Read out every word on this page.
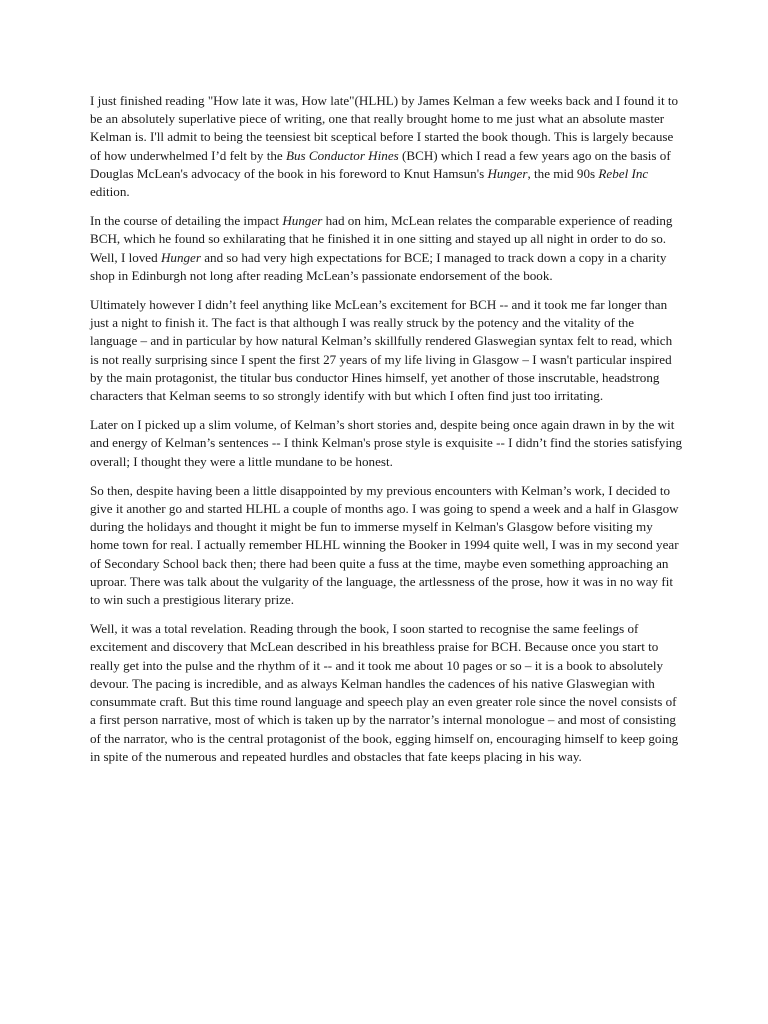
I just finished reading "How late it was, How late"(HLHL) by James Kelman a few weeks back and I found it to be an absolutely superlative piece of writing, one that really brought home to me just what an absolute master Kelman is. I'll admit to being the teensiest bit sceptical before I started the book though. This is largely because of how underwhelmed I’d felt by the Bus Conductor Hines (BCH) which I read a few years ago on the basis of Douglas McLean's advocacy of the book in his foreword to Knut Hamsun's Hunger, the mid 90s Rebel Inc edition.

In the course of detailing the impact Hunger had on him, McLean relates the comparable experience of reading BCH, which he found so exhilarating that he finished it in one sitting and stayed up all night in order to do so. Well, I loved Hunger and so had very high expectations for BCE; I managed to track down a copy in a charity shop in Edinburgh not long after reading McLean’s passionate endorsement of the book.

Ultimately however I didn’t feel anything like McLean’s excitement for BCH -- and it took me far longer than just a night to finish it. The fact is that although I was really struck by the potency and the vitality of the language – and in particular by how natural Kelman’s skillfully rendered Glaswegian syntax felt to read, which is not really surprising since I spent the first 27 years of my life living in Glasgow – I wasn't particular inspired by the main protagonist, the titular bus conductor Hines himself, yet another of those inscrutable, headstrong characters that Kelman seems to so strongly identify with but which I often find just too irritating.

Later on I picked up a slim volume, of Kelman’s short stories and, despite being once again drawn in by the wit and energy of Kelman’s sentences -- I think Kelman's prose style is exquisite -- I didn’t find the stories satisfying overall; I thought they were a little mundane to be honest.

So then, despite having been a little disappointed by my previous encounters with Kelman’s work, I decided to give it another go and started HLHL a couple of months ago. I was going to spend a week and a half in Glasgow during the holidays and thought it might be fun to immerse myself in Kelman's Glasgow before visiting my home town for real. I actually remember HLHL winning the Booker in 1994 quite well, I was in my second year of Secondary School back then; there had been quite a fuss at the time, maybe even something approaching an uproar. There was talk about the vulgarity of the language, the artlessness of the prose, how it was in no way fit to win such a prestigious literary prize.

Well, it was a total revelation. Reading through the book, I soon started to recognise the same feelings of excitement and discovery that McLean described in his breathless praise for BCH. Because once you start to really get into the pulse and the rhythm of it -- and it took me about 10 pages or so – it is a book to absolutely devour. The pacing is incredible, and as always Kelman handles the cadences of his native Glaswegian with consummate craft. But this time round language and speech play an even greater role since the novel consists of a first person narrative, most of which is taken up by the narrator’s internal monologue – and most of consisting of the narrator, who is the central protagonist of the book, egging himself on, encouraging himself to keep going in spite of the numerous and repeated hurdles and obstacles that fate keeps placing in his way.
